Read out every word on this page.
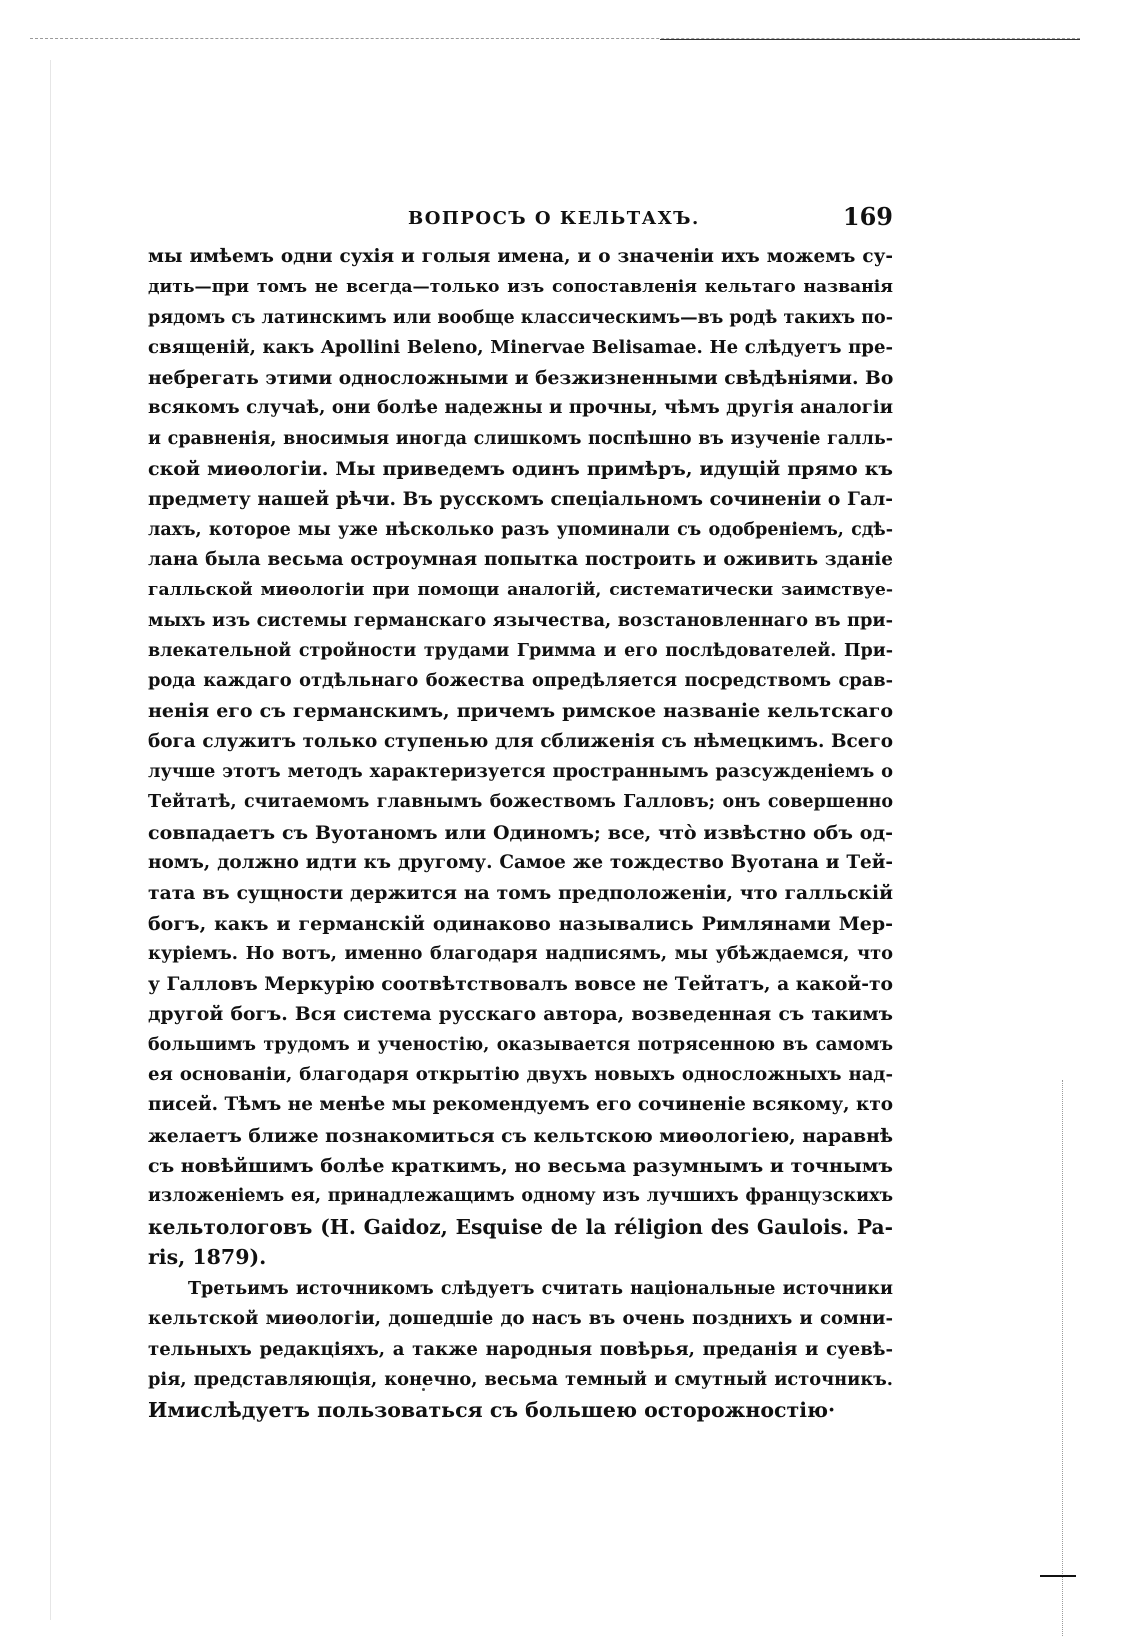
ВОПРОСЪ О КЕЛЬТАХЪ.	169
мы имѣемъ одни сухія и голыя имена, и о значеніи ихъ можемъ су-
дить—при томъ не всегда—только изъ сопоставленія кельтаго названія
рядомъ съ латинскимъ или вообще классическимъ—въ родѣ такихъ по-
священій, какъ Apollini Beleno, Minervae Belisamae. Не слѣдуетъ пре-
небрегать этими односложными и безжизненными свѣдѣніями. Во
всякомъ случаѣ, они болѣе надежны и прочны, чѣмъ другія аналогіи
и сравненія, вносимыя иногда слишкомъ поспѣшно въ изученіе галль-
ской миѳологіи. Мы приведемъ одинъ примѣръ, идущій прямо къ
предмету нашей рѣчи. Въ русскомъ спеціальномъ сочиненіи о Гал-
лахъ, которое мы уже нѣсколько разъ упоминали съ одобреніемъ, сдѣ-
лана была весьма остроумная попытка построить и оживить зданіе
галльской миѳологіи при помощи аналогій, систематически заимствуе-
мыхъ изъ системы германскаго язычества, возстановленнаго въ при-
влекательной стройности трудами Гримма и его послѣдователей. При-
рода каждаго отдѣльнаго божества опредѣляется посредствомъ срав-
ненія его съ германскимъ, причемъ римское названіе кельтскаго
бога служитъ только ступенью для сближенія съ нѣмецкимъ. Всего
лучше этотъ методъ характеризуется пространнымъ разсужденіемъ о
Тейтатѣ, считаемомъ главнымъ божествомъ Галловъ; онъ совершенно
совпадаетъ съ Вуотаномъ или Одиномъ; все, что̀ извѣстно объ од-
номъ, должно идти къ другому. Самое же тождество Вуотана и Тей-
тата въ сущности держится на томъ предположеніи, что галльскій
богъ, какъ и германскій одинаково назывались Римлянами Мер-
куріемъ. Но вотъ, именно благодаря надписямъ, мы убѣждаемся, что
у Галловъ Меркурію соотвѣтствовалъ вовсе не Тейтатъ, а какой-то
другой богъ. Вся система русскаго автора, возведенная съ такимъ
большимъ трудомъ и ученостію, оказывается потрясенною въ самомъ
ея основаніи, благодаря открытію двухъ новыхъ односложныхъ над-
писей. Тѣмъ не менѣе мы рекомендуемъ его сочиненіе всякому, кто
желаетъ ближе познакомиться съ кельтскою миѳологіею, наравнѣ
съ новѣйшимъ болѣе краткимъ, но весьма разумнымъ и точнымъ
изложеніемъ ея, принадлежащимъ одному изъ лучшихъ французскихъ
кельтологовъ (H. Gaidoz, Esquise de la réligion des Gaulois. Pa-
ris, 1879).
Третьимъ источникомъ слѣдуетъ считать національные источники
кельтской миѳологіи, дошедшіе до насъ въ очень позднихъ и сомни-
тельныхъ редакціяхъ, а также народныя повѣрья, преданія и суевѣ-
рія, представляющія, конечно, весьма темный и смутный источникъ.
Имислѣдуетъ пользоваться съ большею осторожностію·
